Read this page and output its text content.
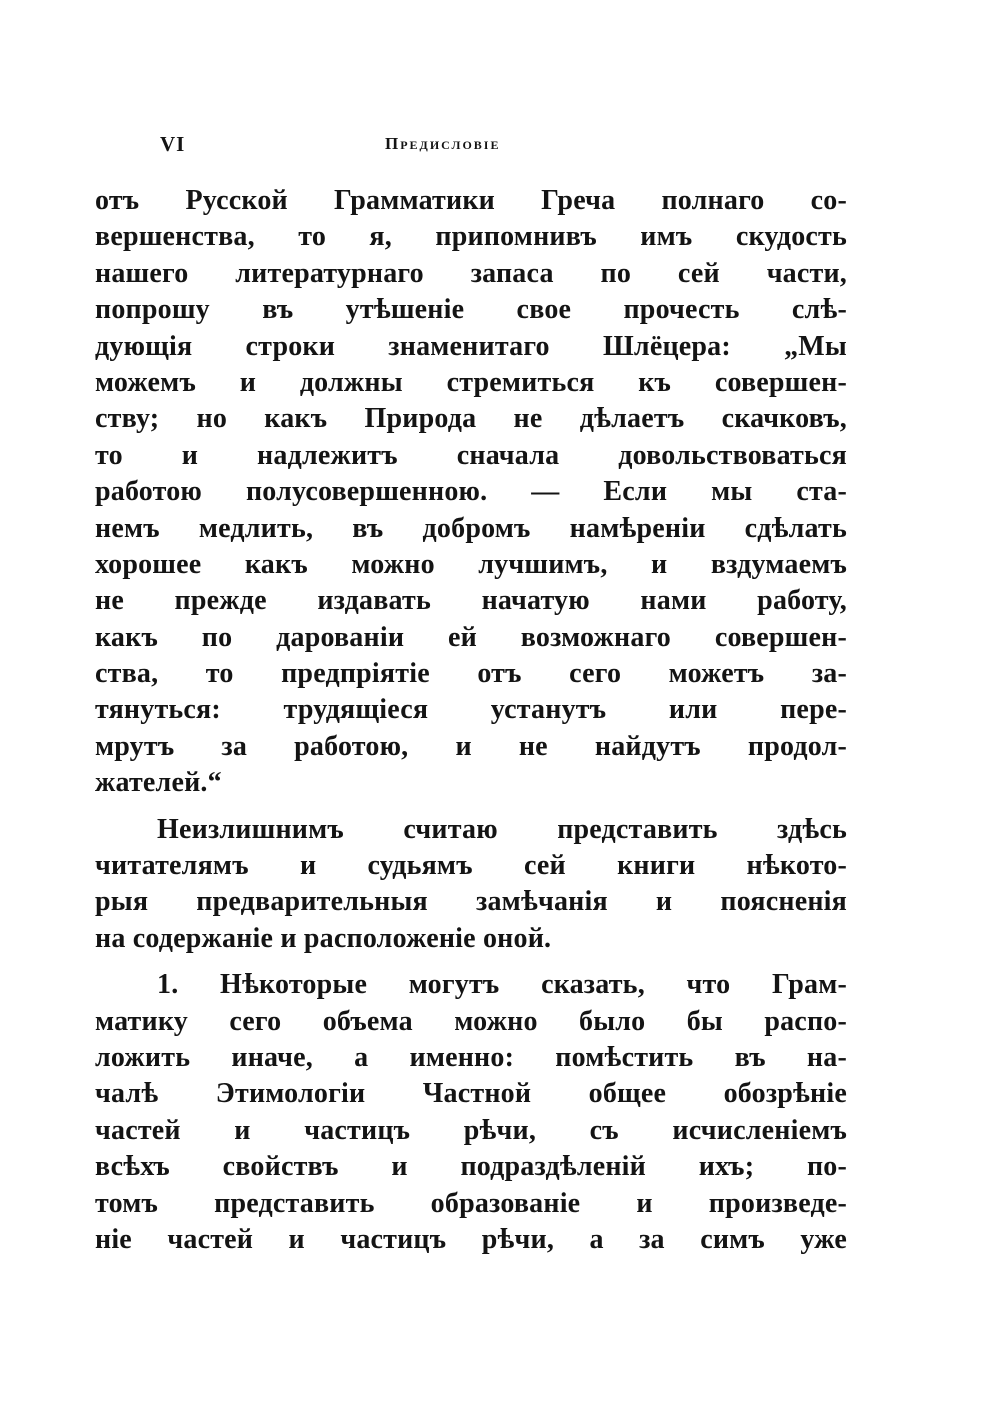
VI	Предисловіе
отъ Русской Грамматики Греча полнаго со-
вершенства, то я, припомнивъ имъ скудость
нашего литературнаго запаса по сей части,
попрошу въ утѣшеніе свое прочесть слѣ-
дующія строки знаменитаго Шлёцера: „Мы
можемъ и должны стремиться къ совершен-
ству; но какъ Природа не дѣлаетъ скачковъ,
то и надлежитъ сначала довольствоваться
работою полусовершенною. — Если мы ста-
немъ медлить, въ добромъ намѣреніи сдѣлать
хорошее какъ можно лучшимъ, и вздумаемъ
не прежде издавать начатую нами работу,
какъ по дарованіи ей возможнаго совершен-
ства, то предпріятіе отъ сего можетъ за-
тянуться: трудящіеся устанутъ или пере-
мрутъ за работою, и не найдутъ продол-
жателей.“
Неизлишнимъ считаю представить здѣсь
читателямъ и судьямъ сей книги нѣкото-
рыя предварительныя замѣчанія и поясненія
на содержаніе и расположеніе оной.
1. Нѣкоторые могутъ сказать, что Грам-
матику сего объема можно было бы распо-
ложить иначе, а именно: помѣстить въ на-
чалѣ Этимологіи Частной общее обозрѣніе
частей и частицъ рѣчи, съ исчисленіемъ
всѣхъ свойствъ и подраздѣленій ихъ; по-
томъ представить образованіе и произведе-
ніе частей и частицъ рѣчи, а за симъ уже
